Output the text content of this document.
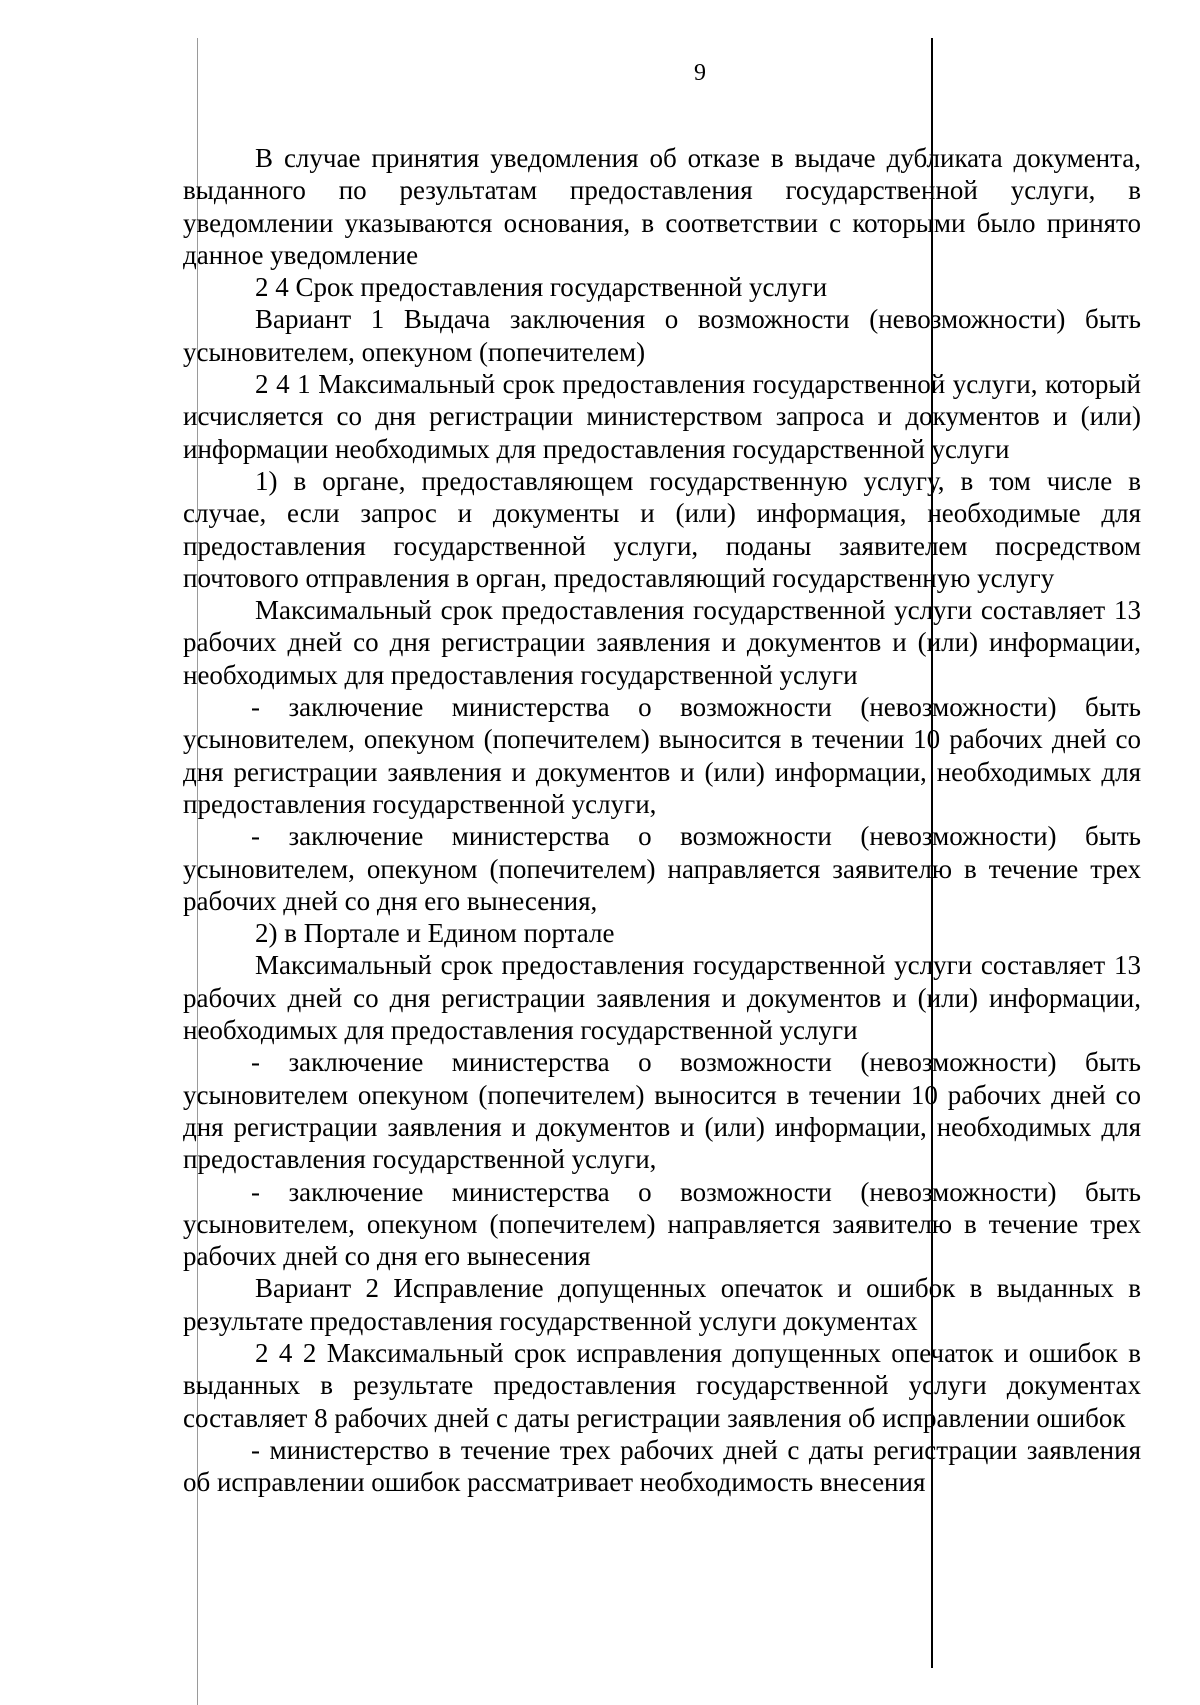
9

В случае принятия уведомления об отказе в выдаче дубликата документа, выданного по результатам предоставления государственной услуги, в уведомлении указываются основания, в соответствии с которыми было принято данное уведомление

2 4 Срок предоставления государственной услуги

Вариант 1 Выдача заключения о возможности (невозможности) быть усыновителем, опекуном (попечителем)

2 4 1 Максимальный срок предоставления государственной услуги, который исчисляется со дня регистрации министерством запроса и документов и (или) информации необходимых для предоставления государственной услуги

1) в органе, предоставляющем государственную услугу, в том числе в случае, если запрос и документы и (или) информация, необходимые для предоставления государственной услуги, поданы заявителем посредством почтового отправления в орган, предоставляющий государственную услугу

Максимальный срок предоставления государственной услуги составляет 13 рабочих дней со дня регистрации заявления и документов и (или) информации, необходимых для предоставления государственной услуги

- заключение министерства о возможности (невозможности) быть усыновителем, опекуном (попечителем) выносится в течении 10 рабочих дней со дня регистрации заявления и документов и (или) информации, необходимых для предоставления государственной услуги,

- заключение министерства о возможности (невозможности) быть усыновителем, опекуном (попечителем) направляется заявителю в течение трех рабочих дней со дня его вынесения,

2) в Портале и Едином портале

Максимальный срок предоставления государственной услуги составляет 13 рабочих дней со дня регистрации заявления и документов и (или) информации, необходимых для предоставления государственной услуги

- заключение министерства о возможности (невозможности) быть усыновителем опекуном (попечителем) выносится в течении 10 рабочих дней со дня регистрации заявления и документов и (или) информации, необходимых для предоставления государственной услуги,

- заключение министерства о возможности (невозможности) быть усыновителем, опекуном (попечителем) направляется заявителю в течение трех рабочих дней со дня его вынесения

Вариант 2 Исправление допущенных опечаток и ошибок в выданных в результате предоставления государственной услуги документах

2 4 2 Максимальный срок исправления допущенных опечаток и ошибок в выданных в результате предоставления государственной услуги документах составляет 8 рабочих дней с даты регистрации заявления об исправлении ошибок

- министерство в течение трех рабочих дней с даты регистрации заявления об исправлении ошибок рассматривает необходимость внесения
